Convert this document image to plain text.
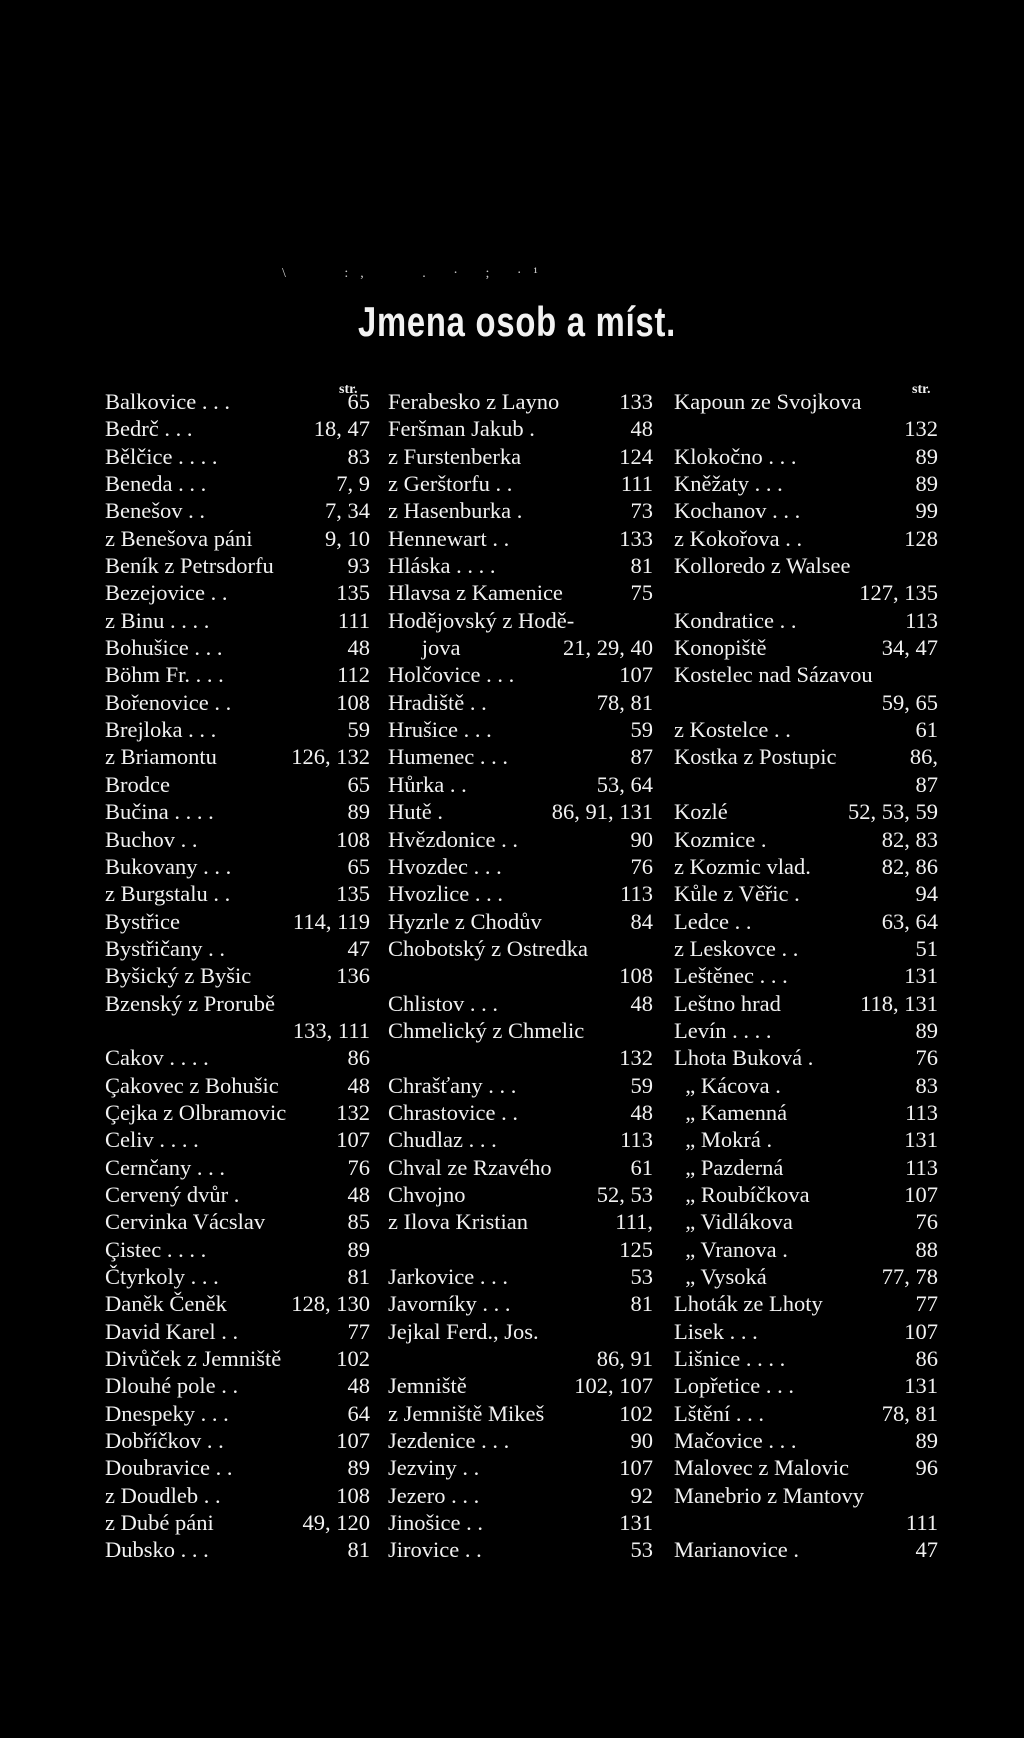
\   :,   . · ; ·¹
Jmena osob a míst.
str.	str.
Balkovice . . .	65
Bedrč . . .	18, 47
Bělčice . . . .	83
Beneda . . .	7, 9
Benešov . .	7, 34
z Benešova páni	9, 10
Beník z Petrsdorfu	93
Bezejovice . .	135
z Binu . . . .	111
Bohušice . . .	48
Böhm Fr. . . .	112
Bořenovice . .	108
Brejloka . . .	59
z Briamontu	126, 132
Brodce	65
Bučina . . . .	89
Buchov . .	108
Bukovany . . .	65
z Burgstalu . .	135
Bystřice	114, 119
Bystřičany . .	47
Byšický z Byšic	136
Bzenský z Prorubě
133, 111
Cakov . . . .	86
Çakovec z Bohušic	48
Çejka z Olbramovic 132
Celiv . . . .	107
Cernčany . . .	76
Cervený dvůr .	48
Cervinka Vácslav	85
Çistec . . . .	89
Čtyrkoly . . .	81
Daněk Čeněk	128, 130
David Karel . .	77
Divůček z Jemniště 102
Dlouhé pole . .	48
Dnespeky . . .	64
Dobříčkov . .	107
Doubravice . .	89
z Doudleb . .	108
z Dubé páni	49, 120
Dubsko . . .	81
Ferabesko z Layno	133
Feršman Jakub .	48
z Furstenberka	124
z Gerštorfu . .	111
z Hasenburka .	73
Hennewart . .	133
Hláska . . . .	81
Hlavsa z Kamenice	75
Hodějovský z Hodě-
jova	21, 29, 40
Holčovice . . .	107
Hradiště . .	78, 81
Hrušice . . .	59
Humenec . . .	87
Hůrka . .	53, 64
Hutě .	86, 91, 131
Hvězdonice . .	90
Hvozdec . . .	76
Hvozlice . . .	113
Hyzrle z Chodův	84
Chobotský z Ostredka
108
Chlistov . . .	48
Chmelický z Chmelic
132
Chrašťany . . .	59
Chrastovice . .	48
Chudlaz . . .	113
Chval ze Rzavého	61
Chvojno	52, 53
z Ilova Kristian	111,
125
Jarkovice . . .	53
Javorníky . . .	81
Jejkal Ferd., Jos.
86, 91
Jemniště	102, 107
z Jemniště Mikeš	102
Jezdenice . . .	90
Jezviny . .	107
Jezero . . .	92
Jinošice . .	131
Jirovice . .	53
Kapoun ze Svojkova
132
Klokočno . . .	89
Kněžaty . . .	89
Kochanov . . .	99
z Kokořova . .	128
Kolloredo z Walsee
127, 135
Kondratice . .	113
Konopiště	34, 47
Kostelec nad Sázavou
59, 65
z Kostelce . .	61
Kostka z Postupic	86,
87
Kozlé	52, 53, 59
Kozmice .	82, 83
z Kozmic vlad.	82, 86
Kůle z Věřic .	94
Ledce . .	63, 64
z Leskovce . .	51
Leštěnec . . .	131
Leštno hrad	118, 131
Levín . . . .	89
Lhota Buková .	76
„ Kácova .	83
„ Kamenná	113
„ Mokrá .	131
„ Pazderná	113
„ Roubíčkova	107
„ Vidlákova	76
„ Vranova .	88
„ Vysoká	77, 78
Lhoták ze Lhoty	77
Lisek . . .	107
Lišnice . . . .	86
Lopřetice . . .	131
Lštění . . .	78, 81
Mačovice . . .	89
Malovec z Malovic	96
Manebrio z Mantovy
111
Marianovice .	47
